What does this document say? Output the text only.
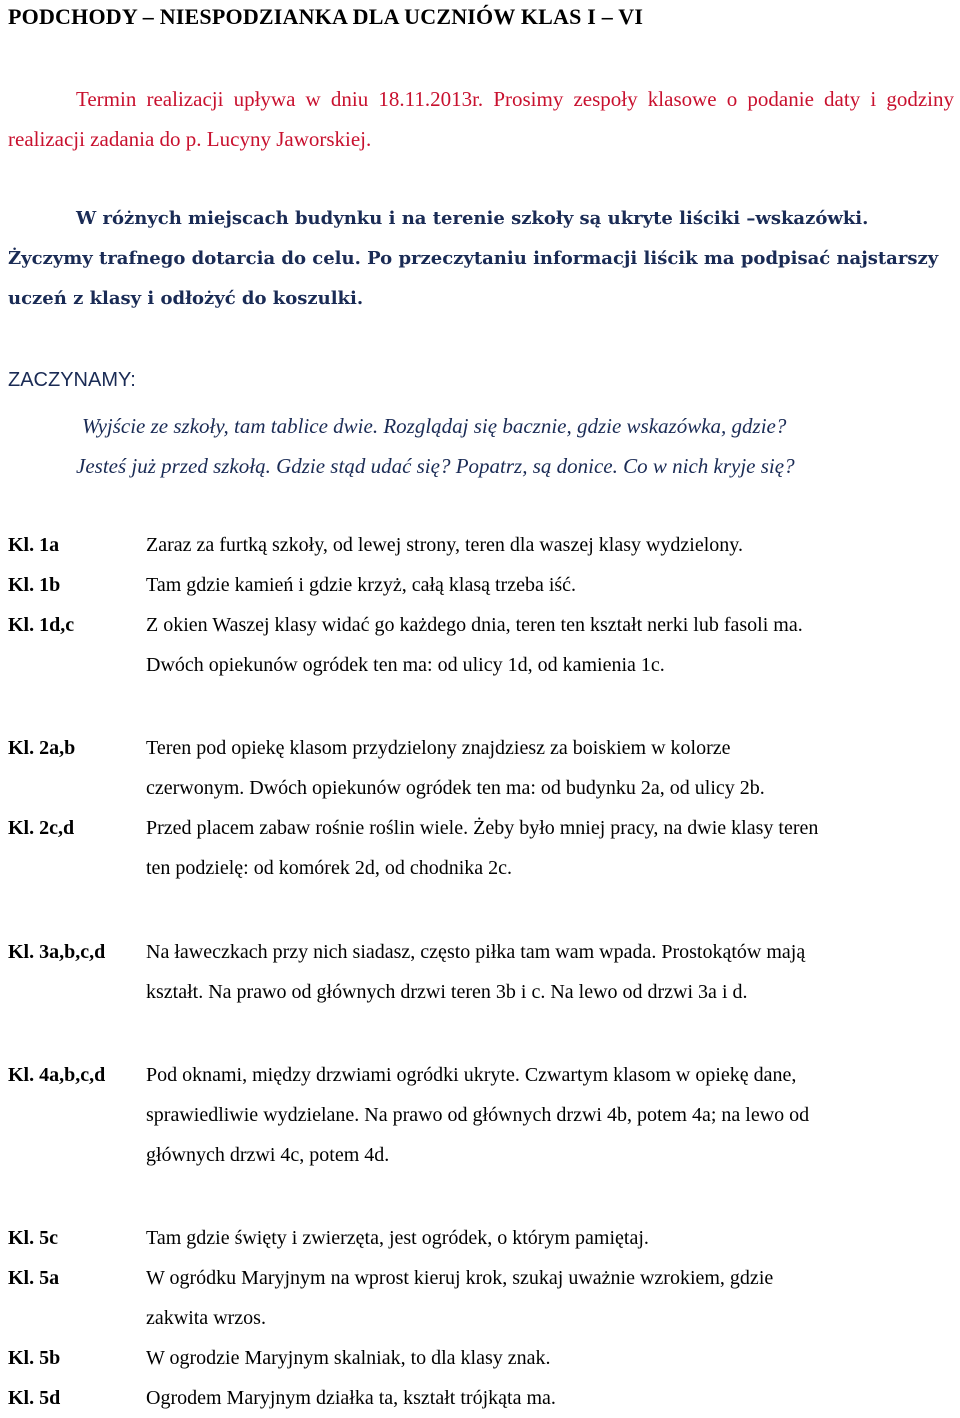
PODCHODY – NIESPODZIANKA DLA UCZNIÓW KLAS I – VI
Termin realizacji upływa w dniu 18.11.2013r. Prosimy zespoły klasowe o podanie daty i godziny realizacji zadania do p. Lucyny Jaworskiej.
W różnych miejscach budynku i na terenie szkoły są ukryte liściki –wskazówki.
Życzymy trafnego dotarcia do celu. Po przeczytaniu informacji liścik ma podpisać najstarszy
uczeń z klasy i odłożyć do koszulki.
ZACZYNAMY:
Wyjście ze szkoły, tam tablice dwie. Rozglądaj się bacznie, gdzie wskazówka, gdzie?
Jesteś już przed szkołą. Gdzie stąd udać się? Popatrz, są donice. Co w nich kryje się?
Kl. 1a	Zaraz za furtką szkoły, od lewej strony, teren dla waszej klasy wydzielony.
Kl. 1b	Tam gdzie kamień i gdzie krzyż, całą klasą trzeba iść.
Kl. 1d,c	Z okien Waszej klasy widać go każdego dnia, teren ten kształt nerki lub fasoli ma.
Dwóch opiekunów ogródek ten ma: od ulicy 1d, od kamienia 1c.
Kl. 2a,b	Teren pod opiekę klasom przydzielony znajdziesz za boiskiem w kolorze
czerwonym. Dwóch opiekunów ogródek ten ma: od budynku 2a, od ulicy 2b.
Kl. 2c,d	Przed placem zabaw rośnie roślin wiele. Żeby było mniej pracy, na dwie klasy teren
ten podzielę: od komórek 2d, od chodnika 2c.
Kl. 3a,b,c,d Na ławeczkach przy nich siadasz, często piłka tam wam wpada. Prostokątów mają
kształt. Na prawo od głównych drzwi teren 3b i c. Na lewo od drzwi 3a i d.
Kl. 4a,b,c,d Pod oknami, między drzwiami ogródki ukryte. Czwartym klasom w opiekę dane,
sprawiedliwie wydzielane. Na prawo od głównych drzwi 4b, potem 4a; na lewo od
głównych drzwi 4c, potem 4d.
Kl. 5c	Tam gdzie święty i zwierzęta, jest ogródek, o którym pamiętaj.
Kl. 5a	W ogródku Maryjnym na wprost kieruj krok, szukaj uważnie wzrokiem, gdzie
zakwita wrzos.
Kl. 5b	W ogrodzie Maryjnym skalniak, to dla klasy znak.
Kl. 5d	Ogrodem Maryjnym działka ta, kształt trójkąta ma.
